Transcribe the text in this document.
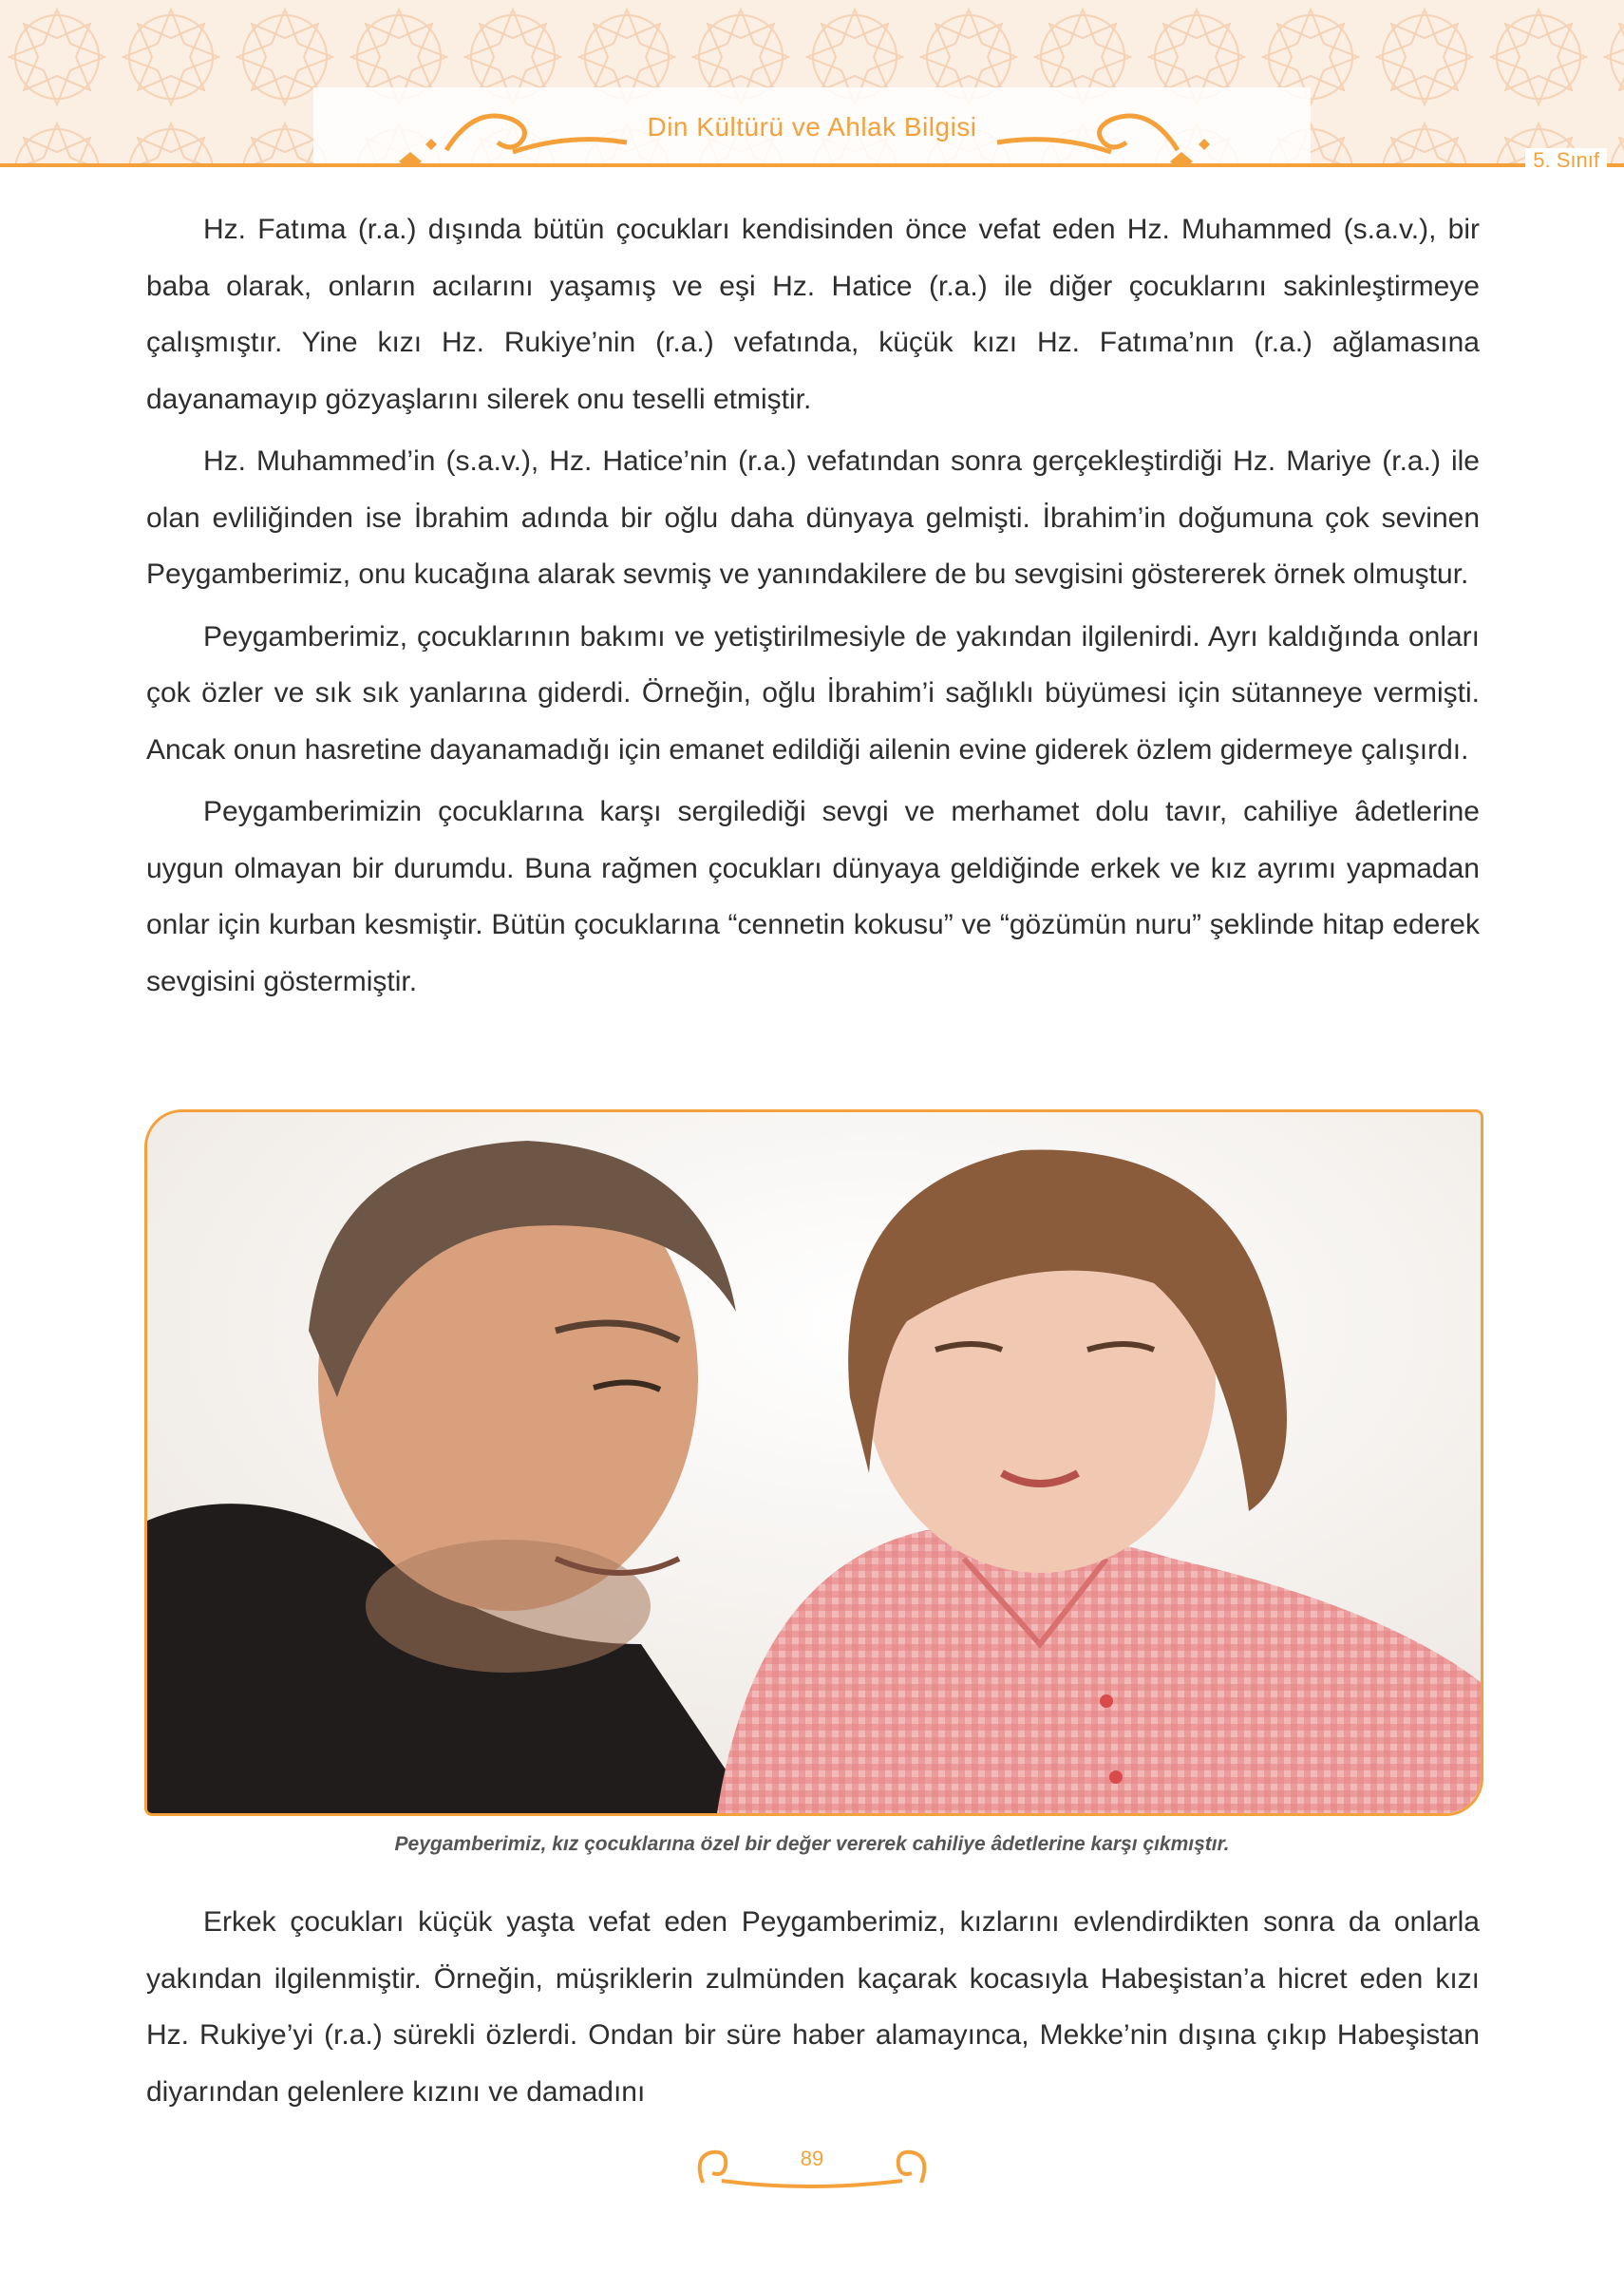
Din Kültürü ve Ahlak Bilgisi
5. Sınıf

Hz. Fatıma (r.a.) dışında bütün çocukları kendisinden önce vefat eden Hz. Muhammed (s.a.v.), bir baba olarak, onların acılarını yaşamış ve eşi Hz. Hatice (r.a.) ile diğer çocuklarını sakinleştirmeye çalışmıştır. Yine kızı Hz. Rukiye’nin (r.a.) vefatında, küçük kızı Hz. Fatıma’nın (r.a.) ağlamasına dayanamayıp gözyaşlarını silerek onu teselli etmiştir.

Hz. Muhammed’in (s.a.v.), Hz. Hatice’nin (r.a.) vefatından sonra gerçekleştirdiği Hz. Mariye (r.a.) ile olan evliliğinden ise İbrahim adında bir oğlu daha dünyaya gelmişti. İbrahim’in doğumuna çok sevinen Peygamberimiz, onu kucağına alarak sevmiş ve yanındakilere de bu sevgisini göstererek örnek olmuştur.

Peygamberimiz, çocuklarının bakımı ve yetiştirilmesiyle de yakından ilgilenirdi. Ayrı kaldığında onları çok özler ve sık sık yanlarına giderdi. Örneğin, oğlu İbrahim’i sağlıklı büyümesi için sütanneye vermişti. Ancak onun hasretine dayanamadığı için emanet edildiği ailenin evine giderek özlem gidermeye çalışırdı.

Peygamberimizin çocuklarına karşı sergilediği sevgi ve merhamet dolu tavır, cahiliye âdetlerine uygun olmayan bir durumdu. Buna rağmen çocukları dünyaya geldiğinde erkek ve kız ayrımı yapmadan onlar için kurban kesmiştir. Bütün çocuklarına “cennetin kokusu” ve “gözümün nuru” şeklinde hitap ederek sevgisini göstermiştir.

Peygamberimiz, kız çocuklarına özel bir değer vererek cahiliye âdetlerine karşı çıkmıştır.

Erkek çocukları küçük yaşta vefat eden Peygamberimiz, kızlarını evlendirdikten sonra da onlarla yakından ilgilenmiştir. Örneğin, müşriklerin zulmünden kaçarak kocasıyla Habeşistan’a hicret eden kızı Hz. Rukiye’yi (r.a.) sürekli özlerdi. Ondan bir süre haber alamayınca, Mekke’nin dışına çıkıp Habeşistan diyarından gelenlere kızını ve damadını

89
